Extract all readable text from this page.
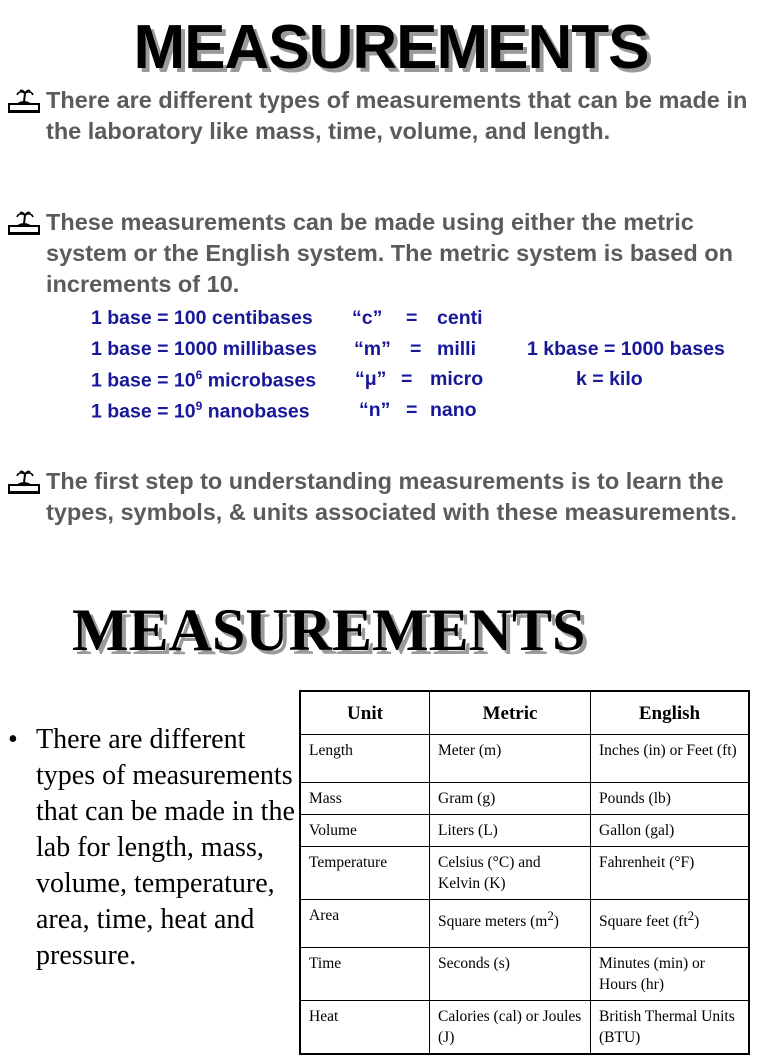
MEASUREMENTS
There are different types of measurements that can be made in the laboratory like mass, time, volume, and length.
These measurements can be made using either the metric system or the English system. The metric system is based on increments of 10.
1 base = 100 centibases “c” = centi
1 base = 1000 millibases “m” = milli	1 kbase = 1000 bases
1 base = $10^6$ microbases “μ” = micro	k = kilo
1 base = $10^9$ nanobases	“n” = nano
The first step to understanding measurements is to learn the types, symbols, & units associated with these measurements.
MEASUREMENTS
• There are different types of measurements that can be made in the lab for length, mass, volume, temperature, area, time, heat and pressure.
Unit	Metric	English
Length	Meter (m)	Inches (in) or Feet (ft)
Mass	Gram (g)	Pounds (lb)
Volume	Liters (L)	Gallon (gal)
Temperature	Celsius (°C) and Kelvin (K)	Fahrenheit (°F)
Area	Square meters $(m^2)$	Square feet $(ft^2)$
Time	Seconds (s)	Minutes (min) or Hours (hr)
Heat	Calories (cal) or Joules (J)	British Thermal Units (BTU)
